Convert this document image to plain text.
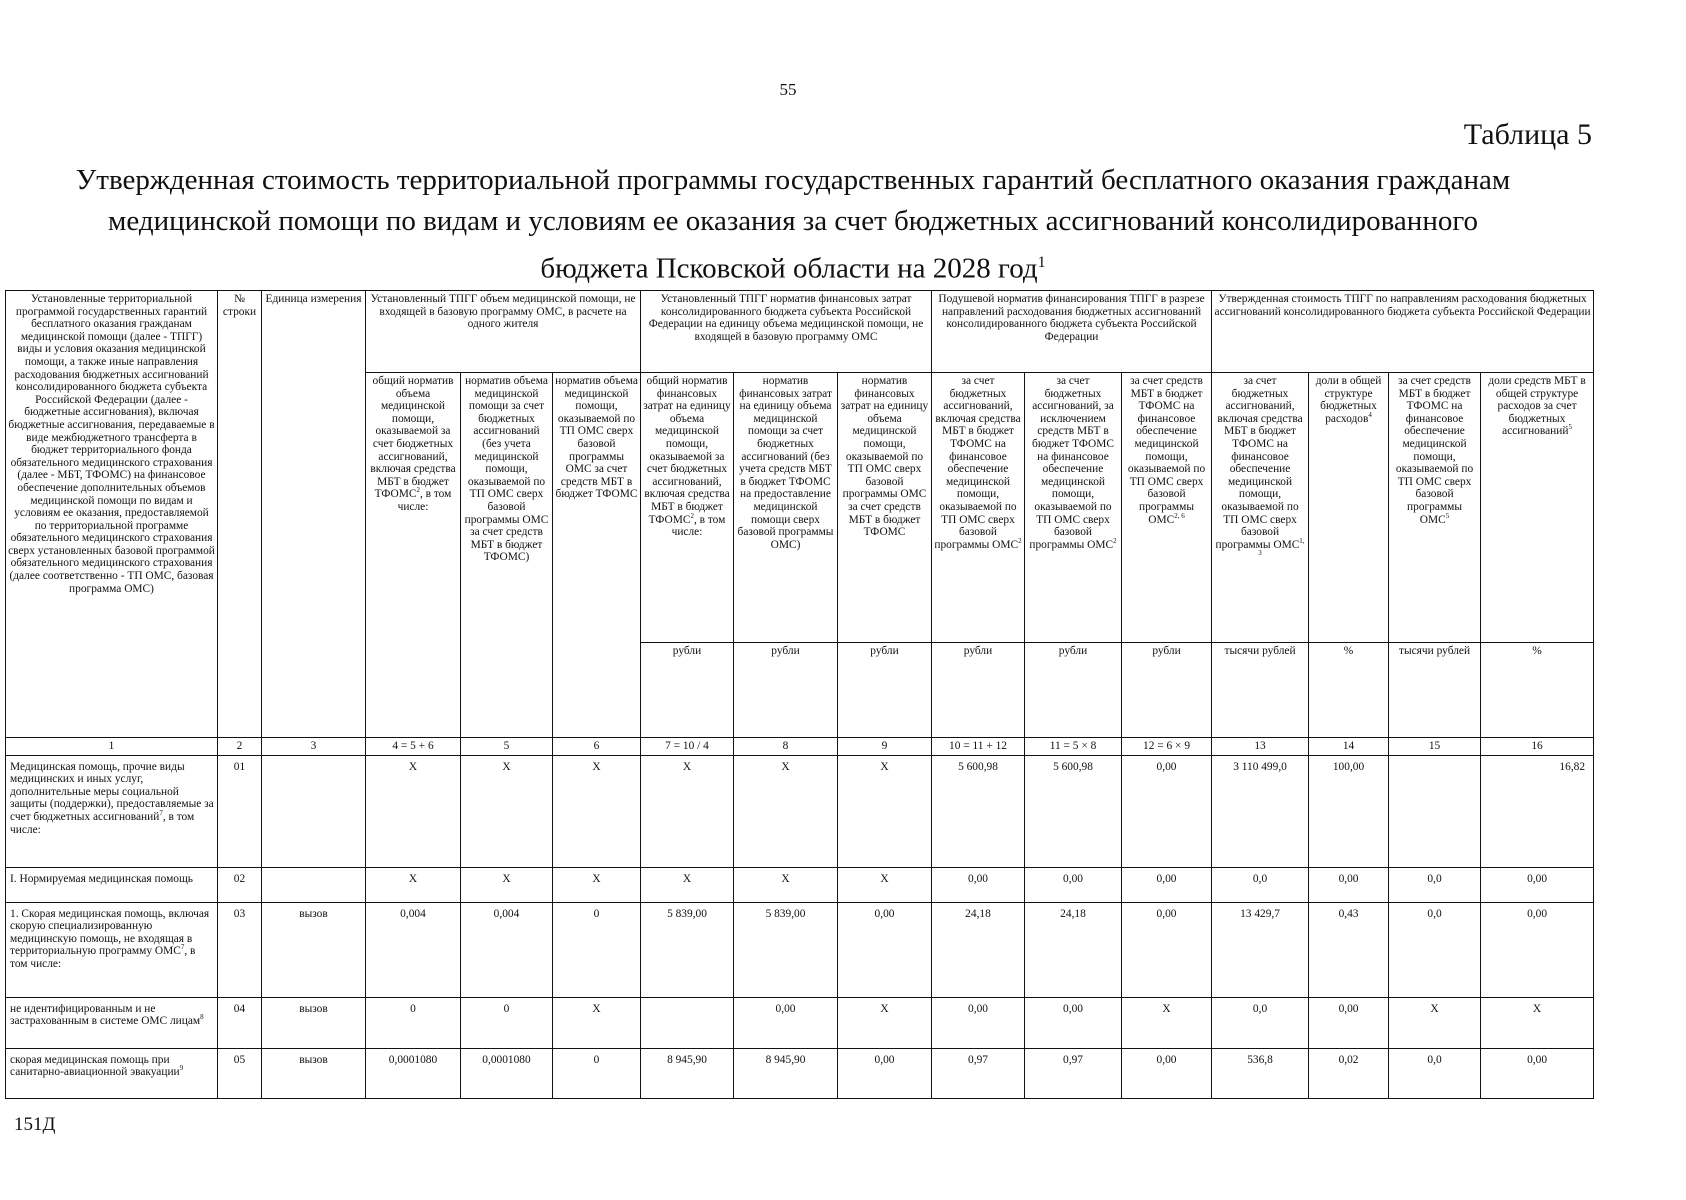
55
Таблица 5
Утвержденная стоимость территориальной программы государственных гарантий бесплатного оказания гражданам
медицинской помощи по видам и условиям ее оказания за счет бюджетных ассигнований консолидированного
бюджета Псковской области на 2028 год$^1$
Установленные территориальной программой государственных гарантий бесплатного оказания гражданам медицинской помощи (далее - ТПГГ) виды и условия оказания медицинской помощи, а также иные направления расходования бюджетных ассигнований консолидированного бюджета субъекта Российской Федерации (далее - бюджетные ассигнования), включая бюджетные ассигнования, передаваемые в виде межбюджетного трансферта в бюджет территориального фонда обязательного медицинского страхования (далее - МБТ, ТФОМС) на финансовое обеспечение дополнительных объемов медицинской помощи по видам и условиям ее оказания, предоставляемой по территориальной программе обязательного медицинского страхования сверх установленных базовой программой обязательного медицинского страхования (далее соответственно - ТП ОМС, базовая программа ОМС)	№ строки	Единица измерения	Установленный ТПГГ объем медицинской помощи, не входящей в базовую программу ОМС, в расчете на одного жителя			Установленный ТПГГ норматив финансовых затрат консолидированного бюджета субъекта Российской Федерации на единицу объема медицинской помощи, не входящей в базовую программу ОМС			Подушевой норматив финансирования ТПГГ в разрезе направлений расходования бюджетных ассигнований консолидированного бюджета субъекта Российской Федерации			Утвержденная стоимость ТПГГ по направлениям расходования бюджетных ассигнований консолидированного бюджета субъекта Российской Федерации			
			общий норматив объема медицинской помощи, оказываемой за счет бюджетных ассигнований, включая средства МБТ в бюджет ТФОМС$^2$, в том числе:	норматив объема медицинской помощи за счет бюджетных ассигнований (без учета медицинской помощи, оказываемой по ТП ОМС сверх базовой программы ОМС за счет средств МБТ в бюджет ТФОМС)	норматив объема медицинской помощи, оказываемой по ТП ОМС сверх базовой программы ОМС за счет средств МБТ в бюджет ТФОМС	общий норматив финансовых затрат на единицу объема медицинской помощи, оказываемой за счет бюджетных ассигнований, включая средства МБТ в бюджет ТФОМС$^2$, в том числе:	норматив финансовых затрат на единицу объема медицинской помощи за счет бюджетных ассигнований (без учета средств МБТ в бюджет ТФОМС на предоставление медицинской помощи сверх базовой программы ОМС)	норматив финансовых затрат на единицу объема медицинской помощи, оказываемой по ТП ОМС сверх базовой программы ОМС за счет средств МБТ в бюджет ТФОМС	за счет бюджетных ассигнований, включая средства МБТ в бюджет ТФОМС на финансовое обеспечение медицинской помощи, оказываемой по ТП ОМС сверх базовой программы ОМС$^2$	за счет бюджетных ассигнований, за исключением средств МБТ в бюджет ТФОМС на финансовое обеспечение медицинской помощи, оказываемой по ТП ОМС сверх базовой программы ОМС$^2$	за счет средств МБТ в бюджет ТФОМС на финансовое обеспечение медицинской помощи, оказываемой по ТП ОМС сверх базовой программы ОМС$^{2, 6}$	за счет бюджетных ассигнований, включая средства МБТ в бюджет ТФОМС на финансовое обеспечение медицинской помощи, оказываемой по ТП ОМС сверх базовой программы ОМС$^{1, 3}$	доли в общей структуре бюджетных расходов$^4$	за счет средств МБТ в бюджет ТФОМС на финансовое обеспечение медицинской помощи, оказываемой по ТП ОМС сверх базовой программы ОМС$^5$	доли средств МБТ в общей структуре расходов за счет бюджетных ассигнований$^5$
						рубли	рубли	рубли	рубли	рубли	рубли	тысячи рублей	%	тысячи рублей	%
1	2	3	4 = 5 + 6	5	6	7 = 10 / 4	8	9	10 = 11 + 12	11 = 5 × 8	12 = 6 × 9	13	14	15	16
Медицинская помощь, прочие виды медицинских и иных услуг, дополнительные меры социальной защиты (поддержки), предоставляемые за счет бюджетных ассигнований$^7$, в том числе:	01		X	X	X	X	X	X	5 600,98	5 600,98	0,00	3 110 499,0	100,00		16,82
I. Нормируемая медицинская помощь	02		X	X	X	X	X	X	0,00	0,00	0,00	0,0	0,00	0,0	0,00
1. Скорая медицинская помощь, включая скорую специализированную медицинскую помощь, не входящая в территориальную программу ОМС$^7$, в том числе:	03	вызов	0,004	0,004	0	5 839,00	5 839,00	0,00	24,18	24,18	0,00	13 429,7	0,43	0,0	0,00
не идентифицированным и не застрахованным в системе ОМС лицам$^8$	04	вызов	0	0	X		0,00	X	0,00	0,00	X	0,0	0,00	X	X
скорая медицинская помощь при санитарно-авиационной эвакуации$^9$	05	вызов	0,0001080	0,0001080	0	8 945,90	8 945,90	0,00	0,97	0,97	0,00	536,8	0,02	0,0	0,00
151Д
